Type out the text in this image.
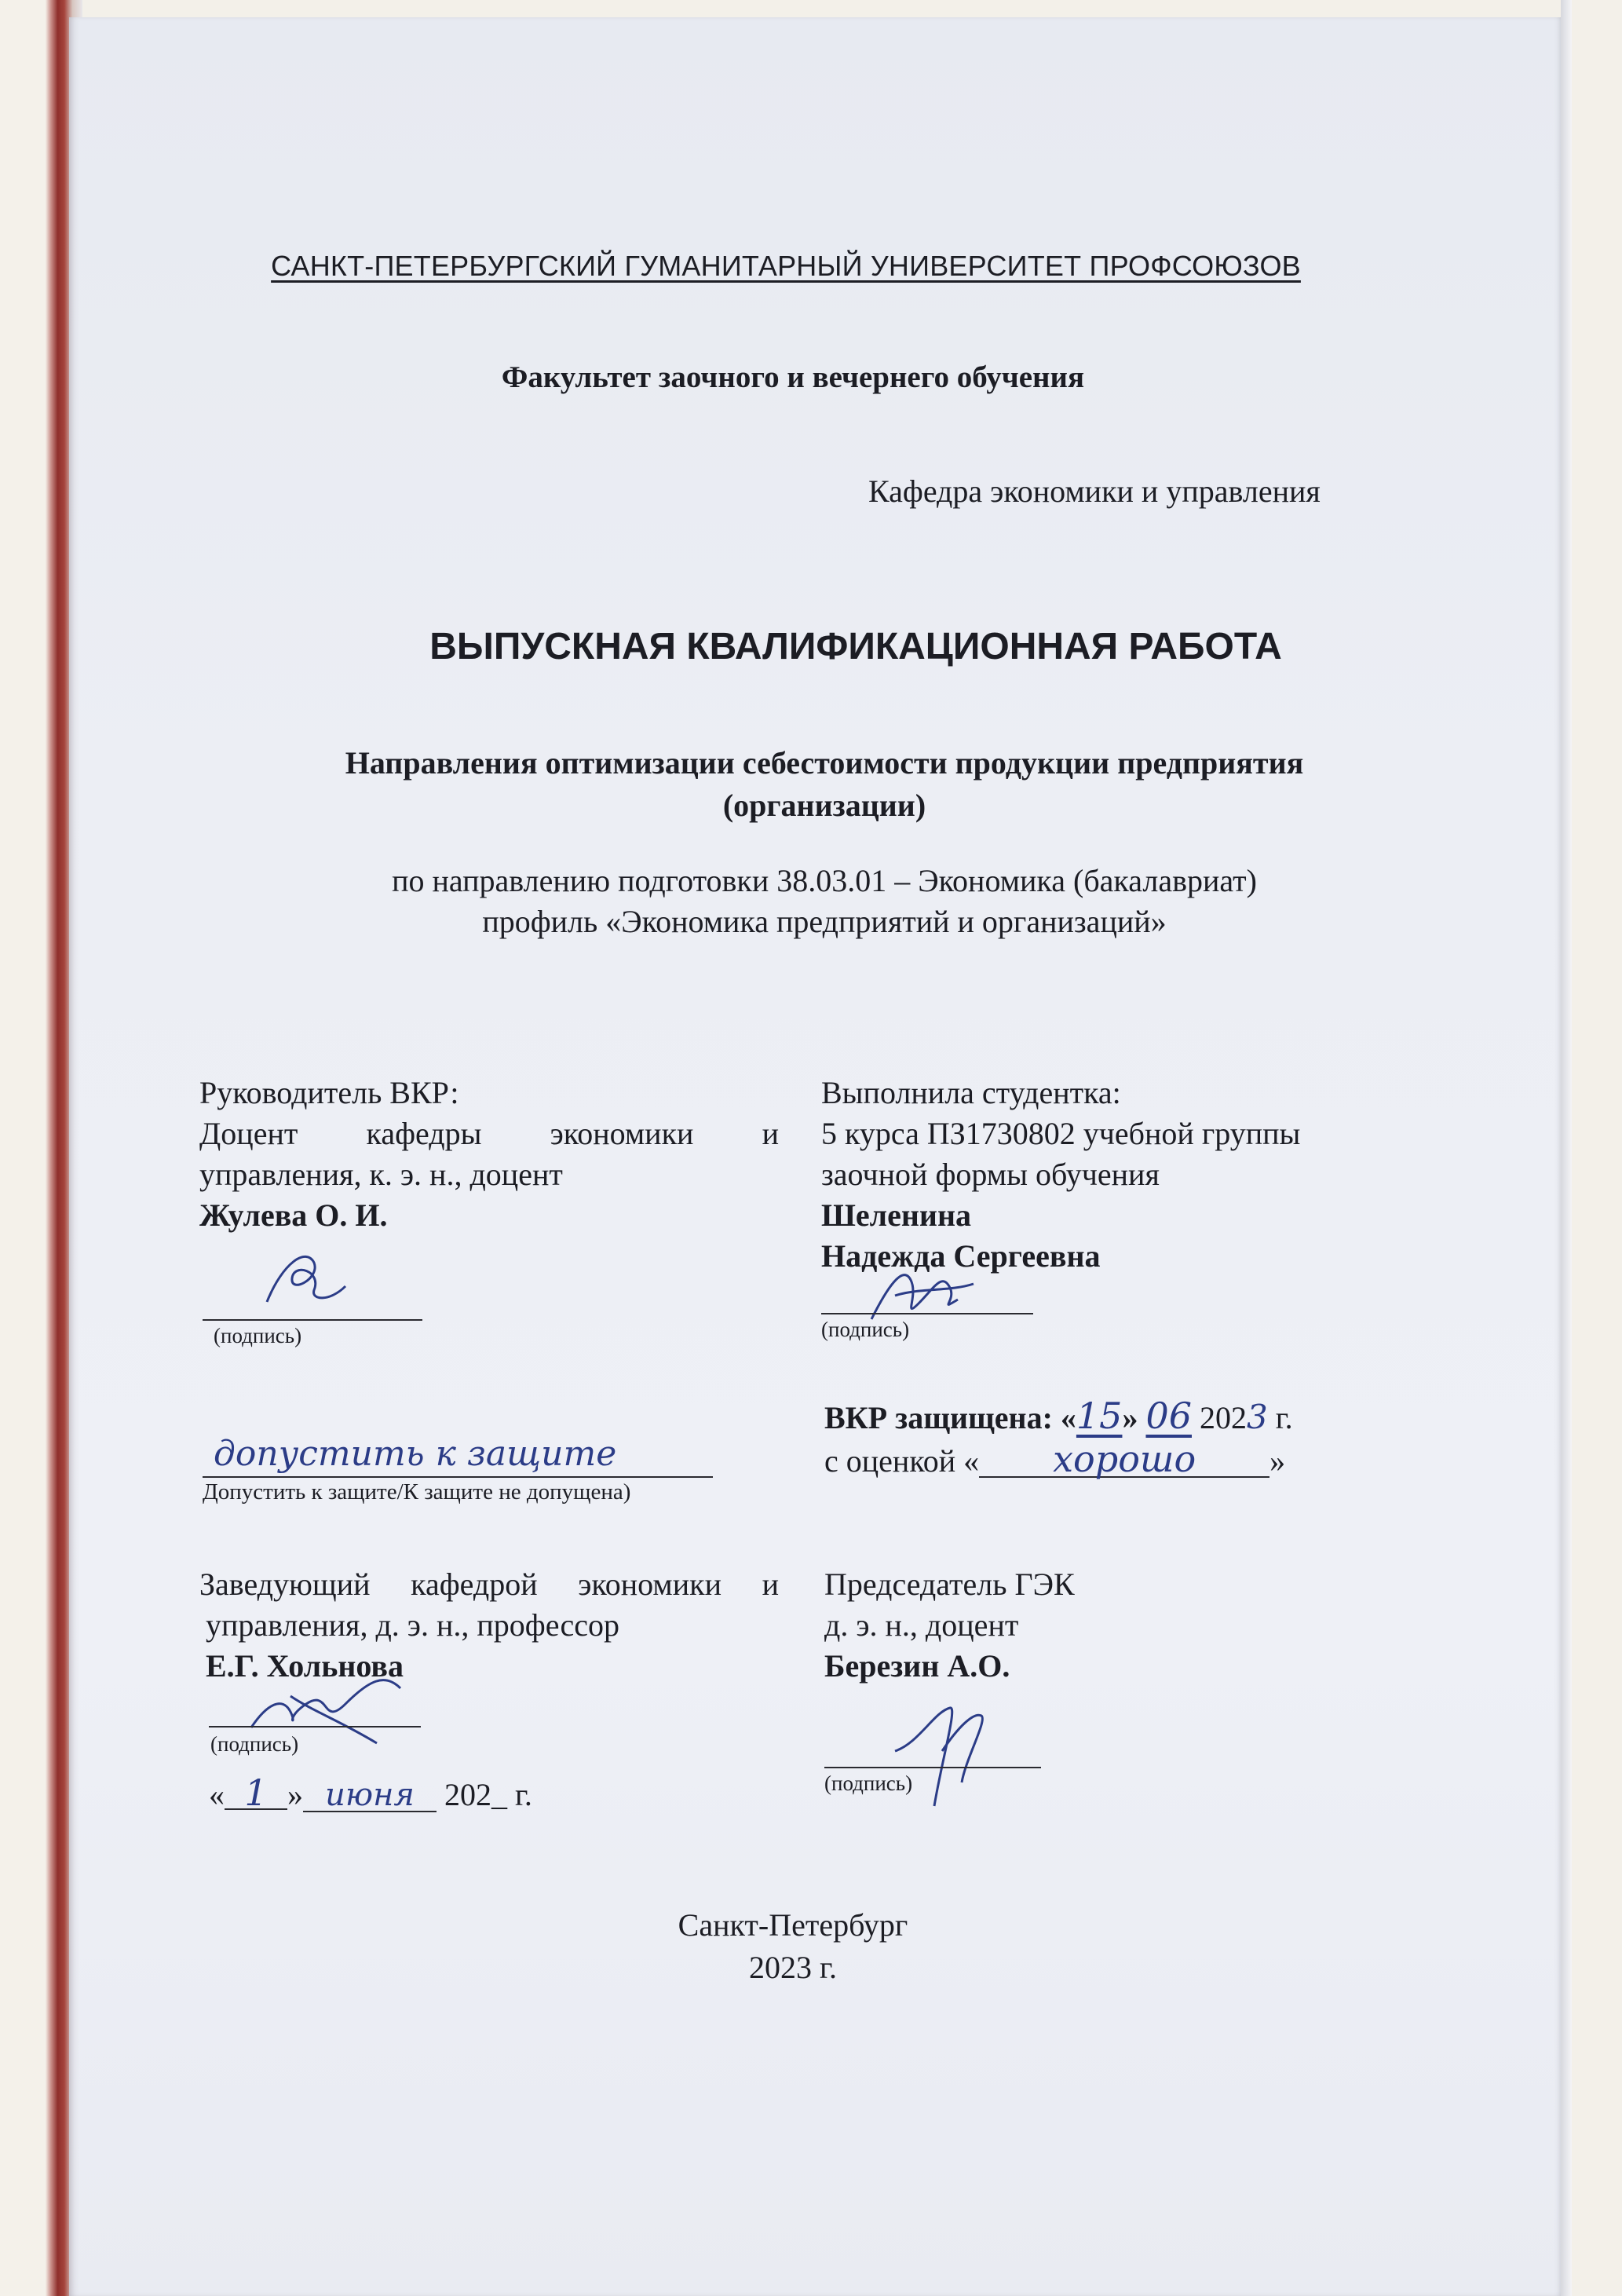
САНКТ-ПЕТЕРБУРГСКИЙ ГУМАНИТАРНЫЙ УНИВЕРСИТЕТ ПРОФСОЮЗОВ
Факультет заочного и вечернего обучения
Кафедра экономики и управления
ВЫПУСКНАЯ КВАЛИФИКАЦИОННАЯ РАБОТА
Направления оптимизации себестоимости продукции предприятия
(организации)
по направлению подготовки 38.03.01 – Экономика (бакалавриат)
профиль «Экономика предприятий и организаций»
Руководитель ВКР:
Доцент кафедры экономики и
управления, к. э. н., доцент
Жулева О. И.
(подпись)
Выполнила студентка:
5 курса ПЗ1730802 учебной группы
заочной формы обучения
Шеленина
Надежда Сергеевна
(подпись)
допустить к защите
Допустить к защите/К защите не допущена)
ВКР защищена: «15» 06 2023 г.
с оценкой « хорошо »
Заведующий кафедрой экономики и
управления, д. э. н., профессор
Е.Г. Хольнова
(подпись)
« 1 » июня 202_ г.
Председатель ГЭК
д. э. н., доцент
Березин А.О.
(подпись)
Санкт-Петербург
2023 г.
